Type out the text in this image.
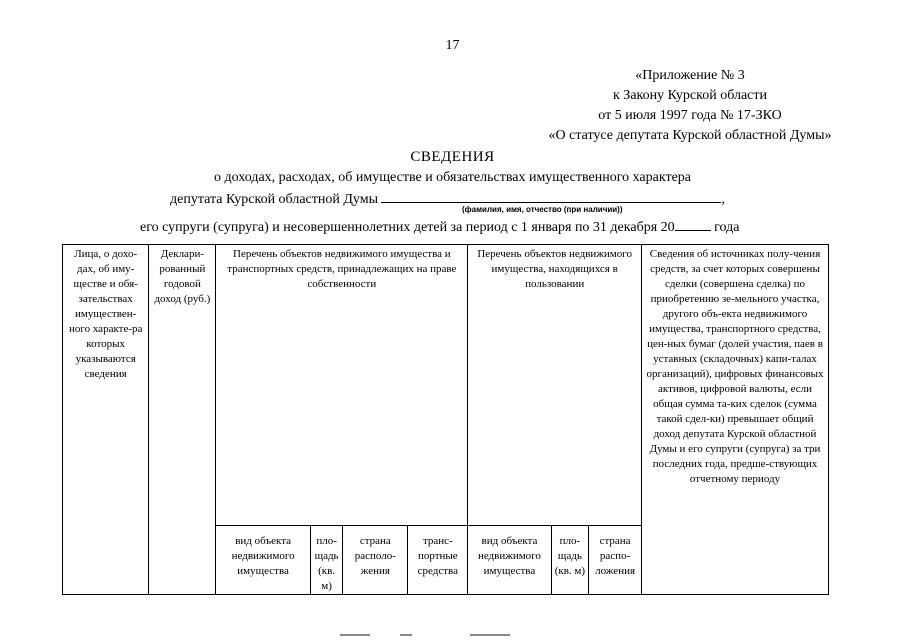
17
«Приложение № 3
к Закону Курской области
от 5 июля 1997 года № 17-ЗКО
«О статусе депутата Курской областной Думы»
СВЕДЕНИЯ
о доходах, расходах, об имуществе и обязательствах имущественного характера
депутата Курской областной Думы	,
(фамилия, имя, отчество (при наличии))
его супруги (супруга) и несовершеннолетних детей за период с 1 января по 31 декабря 20	года
Лица, о дохо-дах, об иму-ществе и обя-зательствах имуществен-ного характе-ра которых указываются сведения	Деклари-рованный годовой доход (руб.)	Перечень объектов недвижимого имущества и транспортных средств, принадлежащих на праве собственности				Перечень объектов недвижимого имущества, находящихся в пользовании			Сведения об источниках полу-чения средств, за счет которых совершены сделки (совершена сделка) по приобретению зе-мельного участка, другого объ-екта недвижимого имущества, транспортного средства, цен-ных бумаг (долей участия, паев в уставных (складочных) капи-талах организаций), цифровых финансовых активов, цифровой валюты, если общая сумма та-ких сделок (сумма такой сдел-ки) превышает общий доход депутата Курской областной Думы и его супруги (супруга) за три последних года, предше-ствующих отчетному периоду
		вид объекта недвижимого имущества	пло-щадь (кв. м)	страна располо-жения	транс-портные средства	вид объекта недвижимого имущества	пло-щадь (кв. м)	страна распо-ложения	
